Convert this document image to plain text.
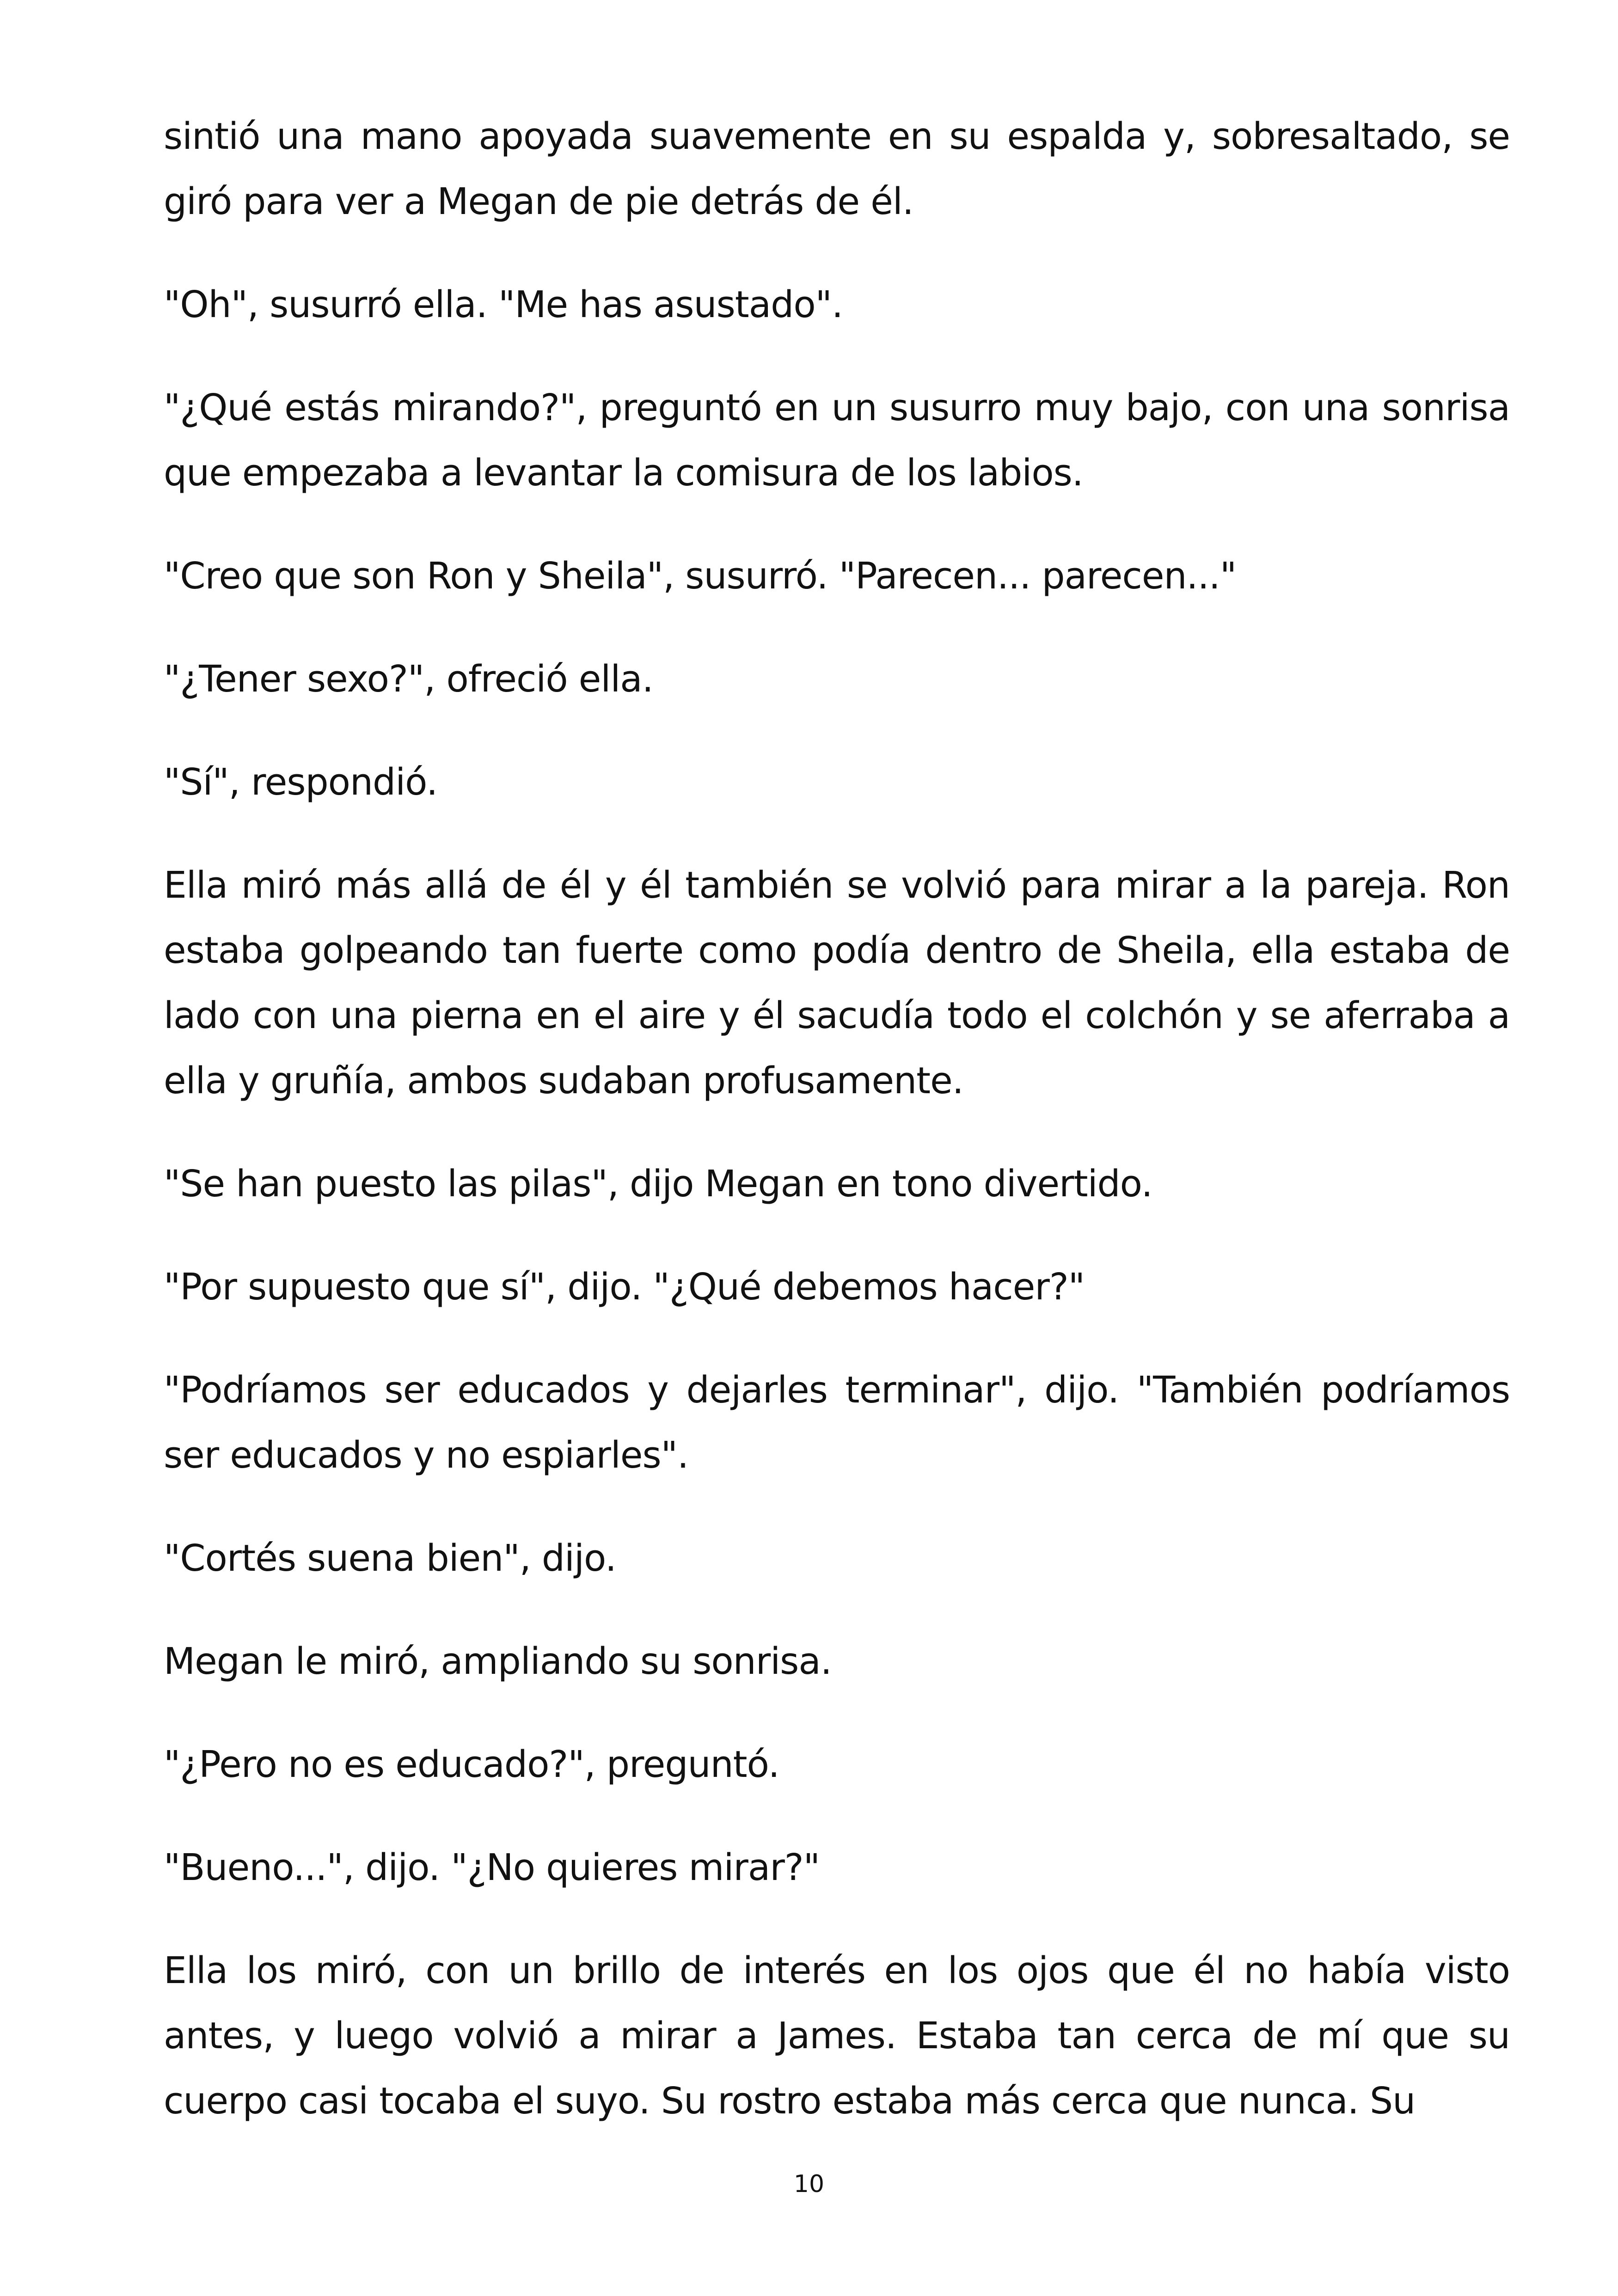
sintió una mano apoyada suavemente en su espalda y, sobresaltado, se giró para ver a Megan de pie detrás de él.

"Oh", susurró ella. "Me has asustado".

"¿Qué estás mirando?", preguntó en un susurro muy bajo, con una sonrisa que empezaba a levantar la comisura de los labios.

"Creo que son Ron y Sheila", susurró. "Parecen... parecen..."

"¿Tener sexo?", ofreció ella.

"Sí", respondió.

Ella miró más allá de él y él también se volvió para mirar a la pareja. Ron estaba golpeando tan fuerte como podía dentro de Sheila, ella estaba de lado con una pierna en el aire y él sacudía todo el colchón y se aferraba a ella y gruñía, ambos sudaban profusamente.

"Se han puesto las pilas", dijo Megan en tono divertido.

"Por supuesto que sí", dijo. "¿Qué debemos hacer?"

"Podríamos ser educados y dejarles terminar", dijo. "También podríamos ser educados y no espiarles".

"Cortés suena bien", dijo.

Megan le miró, ampliando su sonrisa.

"¿Pero no es educado?", preguntó.

"Bueno...", dijo. "¿No quieres mirar?"

Ella los miró, con un brillo de interés en los ojos que él no había visto antes, y luego volvió a mirar a James. Estaba tan cerca de mí que su cuerpo casi tocaba el suyo. Su rostro estaba más cerca que nunca. Su

10
